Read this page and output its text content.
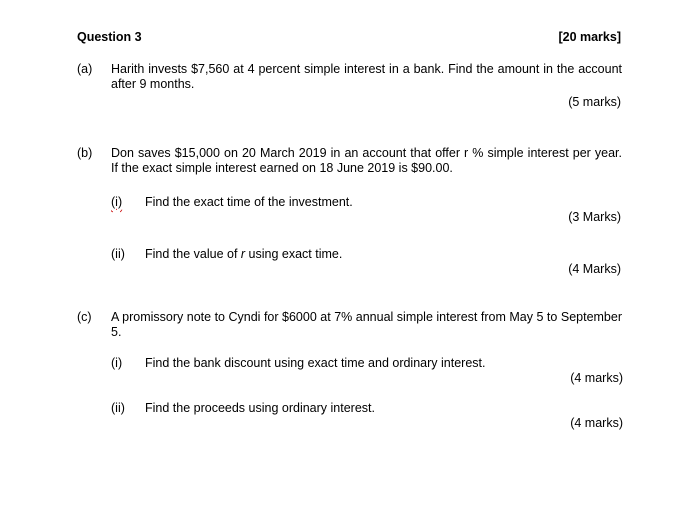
Question 3	[20 marks]
(a) Harith invests $7,560 at 4 percent simple interest in a bank. Find the amount in the account after 9 months.
(5 marks)
(b) Don saves $15,000 on 20 March 2019 in an account that offer r % simple interest per year. If the exact simple interest earned on 18 June 2019 is $90.00.
(i) Find the exact time of the investment.
(3 Marks)
(ii) Find the value of r using exact time.
(4 Marks)
(c) A promissory note to Cyndi for $6000 at 7% annual simple interest from May 5 to September 5.
(i) Find the bank discount using exact time and ordinary interest.
(4 marks)
(ii) Find the proceeds using ordinary interest.
(4 marks)
